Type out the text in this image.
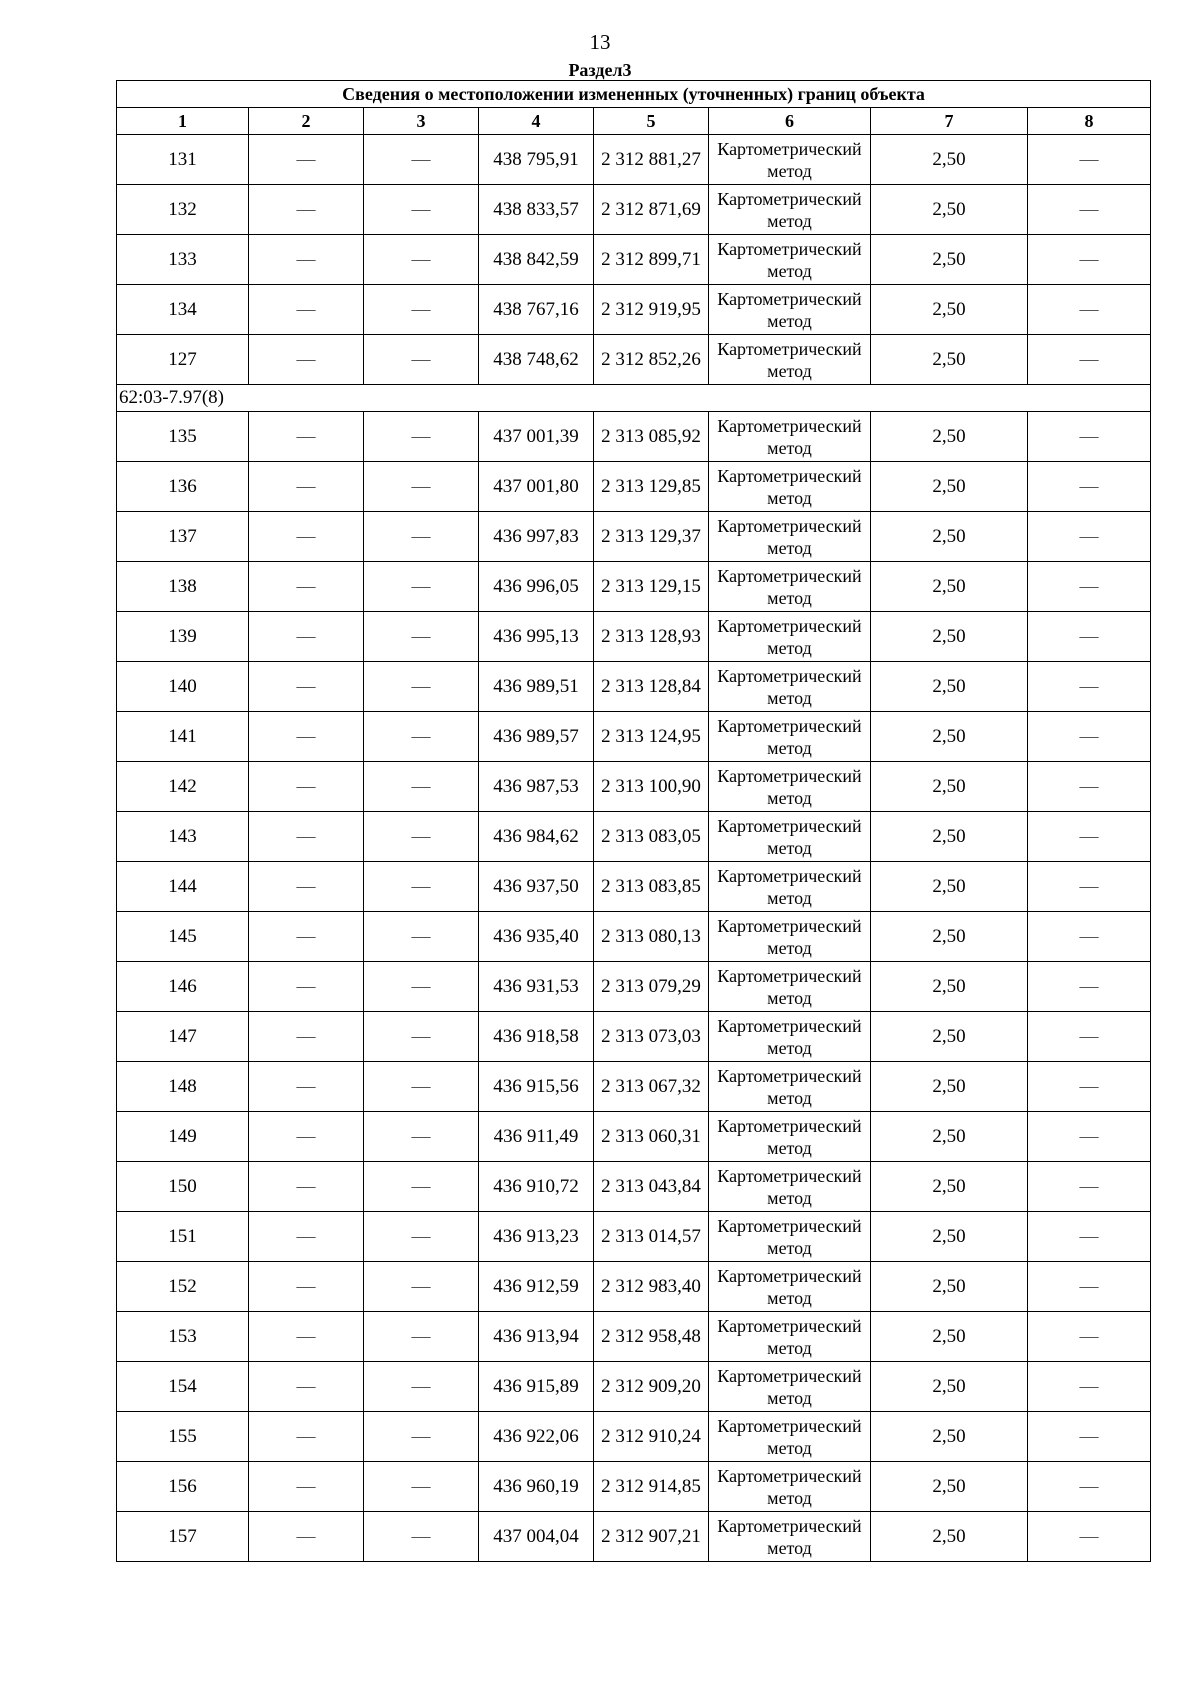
13
Раздел3
Сведения о местоположении измененных (уточненных) границ объекта							
1	2	3	4	5	6	7	8
131	—	—	438 795,91	2 312 881,27	Картометрический метод	2,50	—
132	—	—	438 833,57	2 312 871,69	Картометрический метод	2,50	—
133	—	—	438 842,59	2 312 899,71	Картометрический метод	2,50	—
134	—	—	438 767,16	2 312 919,95	Картометрический метод	2,50	—
127	—	—	438 748,62	2 312 852,26	Картометрический метод	2,50	—
62:03-7.97(8)							
135	—	—	437 001,39	2 313 085,92	Картометрический метод	2,50	—
136	—	—	437 001,80	2 313 129,85	Картометрический метод	2,50	—
137	—	—	436 997,83	2 313 129,37	Картометрический метод	2,50	—
138	—	—	436 996,05	2 313 129,15	Картометрический метод	2,50	—
139	—	—	436 995,13	2 313 128,93	Картометрический метод	2,50	—
140	—	—	436 989,51	2 313 128,84	Картометрический метод	2,50	—
141	—	—	436 989,57	2 313 124,95	Картометрический метод	2,50	—
142	—	—	436 987,53	2 313 100,90	Картометрический метод	2,50	—
143	—	—	436 984,62	2 313 083,05	Картометрический метод	2,50	—
144	—	—	436 937,50	2 313 083,85	Картометрический метод	2,50	—
145	—	—	436 935,40	2 313 080,13	Картометрический метод	2,50	—
146	—	—	436 931,53	2 313 079,29	Картометрический метод	2,50	—
147	—	—	436 918,58	2 313 073,03	Картометрический метод	2,50	—
148	—	—	436 915,56	2 313 067,32	Картометрический метод	2,50	—
149	—	—	436 911,49	2 313 060,31	Картометрический метод	2,50	—
150	—	—	436 910,72	2 313 043,84	Картометрический метод	2,50	—
151	—	—	436 913,23	2 313 014,57	Картометрический метод	2,50	—
152	—	—	436 912,59	2 312 983,40	Картометрический метод	2,50	—
153	—	—	436 913,94	2 312 958,48	Картометрический метод	2,50	—
154	—	—	436 915,89	2 312 909,20	Картометрический метод	2,50	—
155	—	—	436 922,06	2 312 910,24	Картометрический метод	2,50	—
156	—	—	436 960,19	2 312 914,85	Картометрический метод	2,50	—
157	—	—	437 004,04	2 312 907,21	Картометрический метод	2,50	—
